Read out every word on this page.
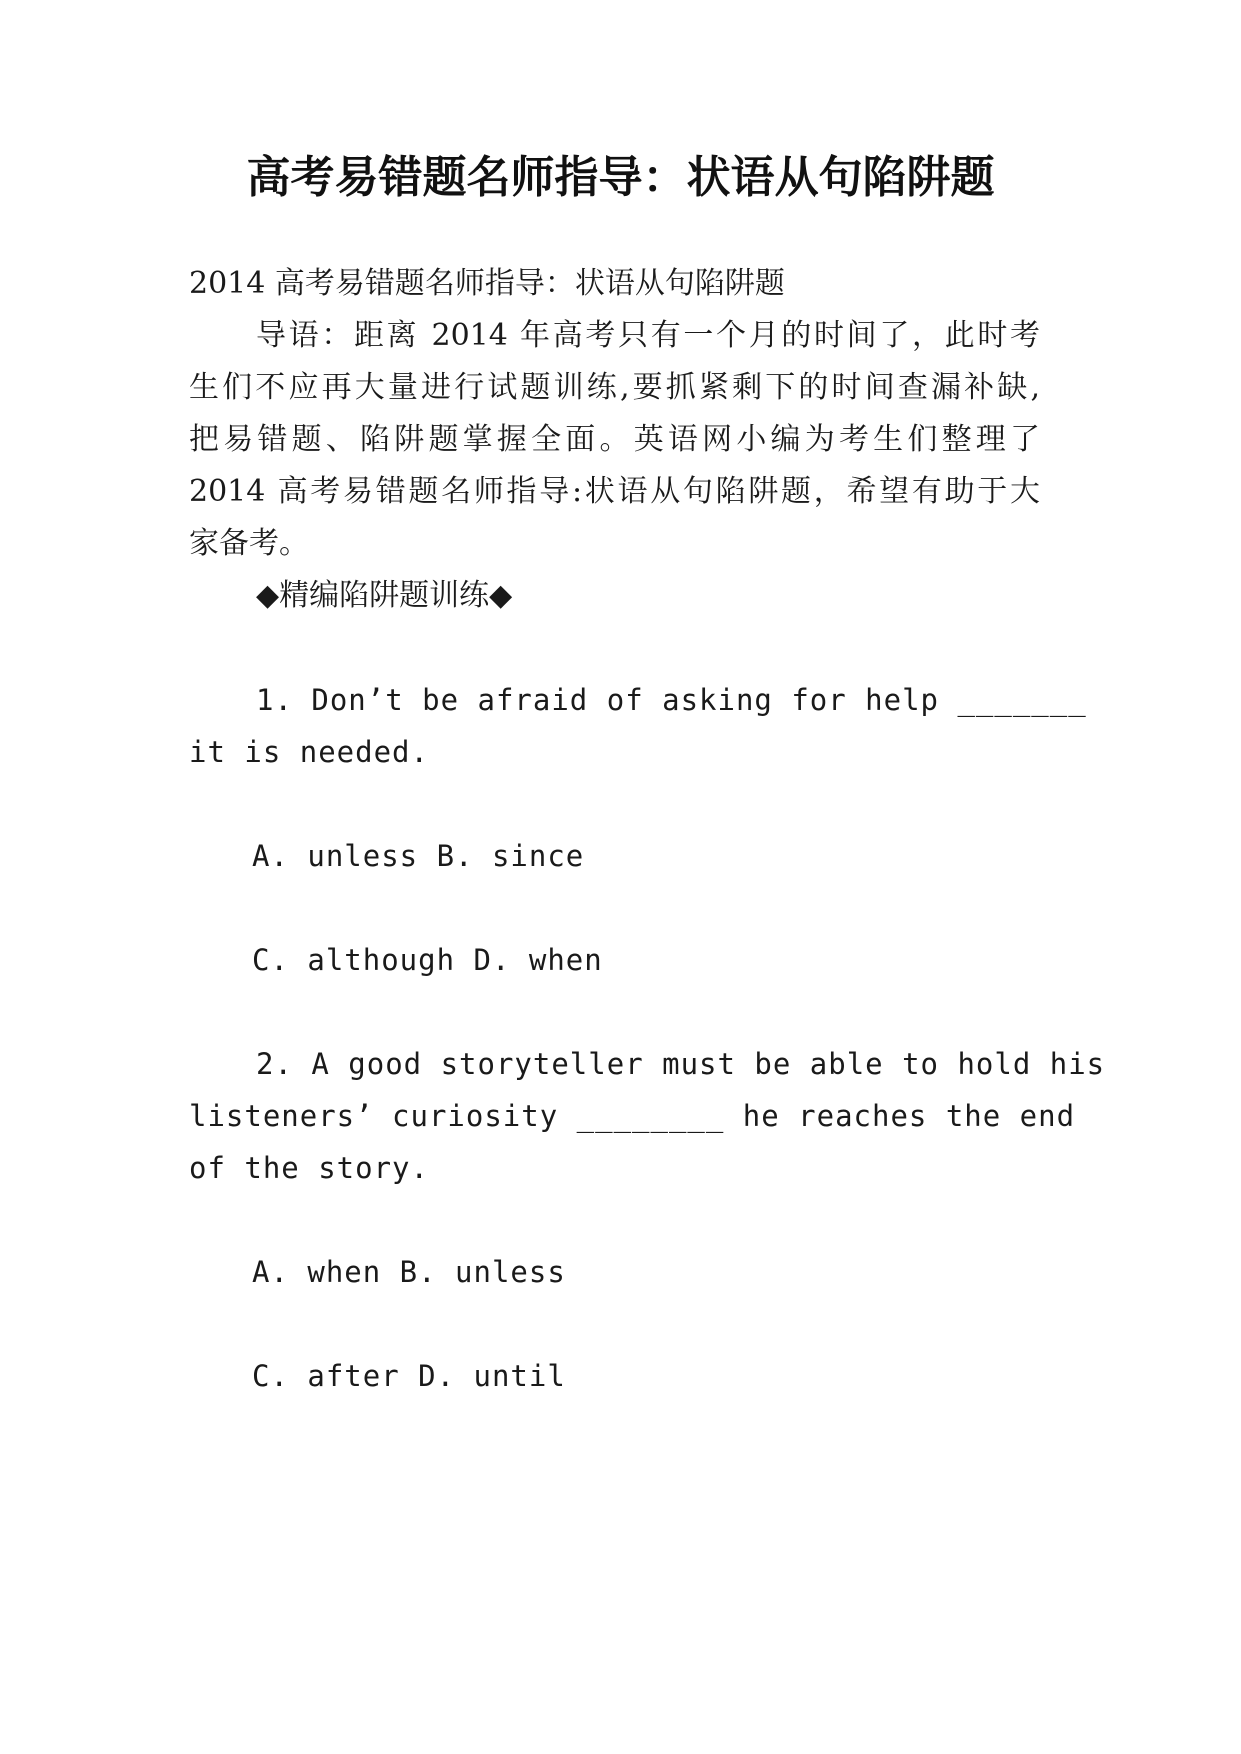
高考易错题名师指导：状语从句陷阱题
2014 高考易错题名师指导：状语从句陷阱题
导语：距离 2014 年高考只有一个月的时间了，此时考
生们不应再大量进行试题训练,要抓紧剩下的时间查漏补缺,
把易错题、陷阱题掌握全面。英语网小编为考生们整理了
2014 高考易错题名师指导:状语从句陷阱题，希望有助于大
家备考。
◆精编陷阱题训练◆
1. Don’t be afraid of asking for help _______
it is needed.
A. unless B. since
C. although D. when
2. A good storyteller must be able to hold his
listeners’ curiosity ________ he reaches the end
of the story.
A. when B. unless
C. after D. until
